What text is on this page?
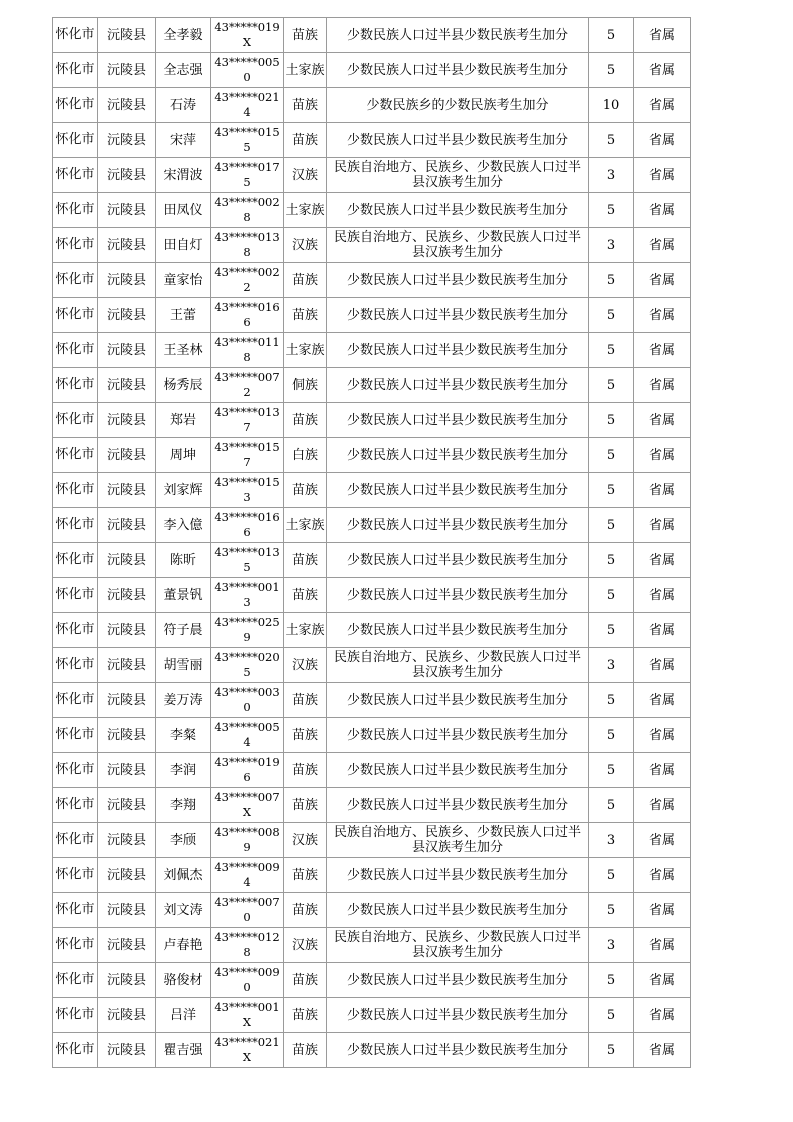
怀化市	沅陵县	全孝毅	43*****019X	苗族	少数民族人口过半县少数民族考生加分	5	省属
怀化市	沅陵县	全志强	43*****0050	土家族	少数民族人口过半县少数民族考生加分	5	省属
怀化市	沅陵县	石涛	43*****0214	苗族	少数民族乡的少数民族考生加分	10	省属
怀化市	沅陵县	宋萍	43*****0155	苗族	少数民族人口过半县少数民族考生加分	5	省属
怀化市	沅陵县	宋渭波	43*****0175	汉族	民族自治地方、民族乡、少数民族人口过半县汉族考生加分	3	省属
怀化市	沅陵县	田凤仪	43*****0028	土家族	少数民族人口过半县少数民族考生加分	5	省属
怀化市	沅陵县	田自灯	43*****0138	汉族	民族自治地方、民族乡、少数民族人口过半县汉族考生加分	3	省属
怀化市	沅陵县	童家怡	43*****0022	苗族	少数民族人口过半县少数民族考生加分	5	省属
怀化市	沅陵县	王蕾	43*****0166	苗族	少数民族人口过半县少数民族考生加分	5	省属
怀化市	沅陵县	王圣林	43*****0118	土家族	少数民族人口过半县少数民族考生加分	5	省属
怀化市	沅陵县	杨秀辰	43*****0072	侗族	少数民族人口过半县少数民族考生加分	5	省属
怀化市	沅陵县	郑岩	43*****0137	苗族	少数民族人口过半县少数民族考生加分	5	省属
怀化市	沅陵县	周坤	43*****0157	白族	少数民族人口过半县少数民族考生加分	5	省属
怀化市	沅陵县	刘家辉	43*****0153	苗族	少数民族人口过半县少数民族考生加分	5	省属
怀化市	沅陵县	李入億	43*****0166	土家族	少数民族人口过半县少数民族考生加分	5	省属
怀化市	沅陵县	陈昕	43*****0135	苗族	少数民族人口过半县少数民族考生加分	5	省属
怀化市	沅陵县	董景钒	43*****0013	苗族	少数民族人口过半县少数民族考生加分	5	省属
怀化市	沅陵县	符子晨	43*****0259	土家族	少数民族人口过半县少数民族考生加分	5	省属
怀化市	沅陵县	胡雪丽	43*****0205	汉族	民族自治地方、民族乡、少数民族人口过半县汉族考生加分	3	省属
怀化市	沅陵县	姜万涛	43*****0030	苗族	少数民族人口过半县少数民族考生加分	5	省属
怀化市	沅陵县	李粲	43*****0054	苗族	少数民族人口过半县少数民族考生加分	5	省属
怀化市	沅陵县	李润	43*****0196	苗族	少数民族人口过半县少数民族考生加分	5	省属
怀化市	沅陵县	李翔	43*****007X	苗族	少数民族人口过半县少数民族考生加分	5	省属
怀化市	沅陵县	李颀	43*****0089	汉族	民族自治地方、民族乡、少数民族人口过半县汉族考生加分	3	省属
怀化市	沅陵县	刘佩杰	43*****0094	苗族	少数民族人口过半县少数民族考生加分	5	省属
怀化市	沅陵县	刘文涛	43*****0070	苗族	少数民族人口过半县少数民族考生加分	5	省属
怀化市	沅陵县	卢春艳	43*****0128	汉族	民族自治地方、民族乡、少数民族人口过半县汉族考生加分	3	省属
怀化市	沅陵县	骆俊材	43*****0090	苗族	少数民族人口过半县少数民族考生加分	5	省属
怀化市	沅陵县	吕洋	43*****001X	苗族	少数民族人口过半县少数民族考生加分	5	省属
怀化市	沅陵县	瞿吉强	43*****021X	苗族	少数民族人口过半县少数民族考生加分	5	省属
